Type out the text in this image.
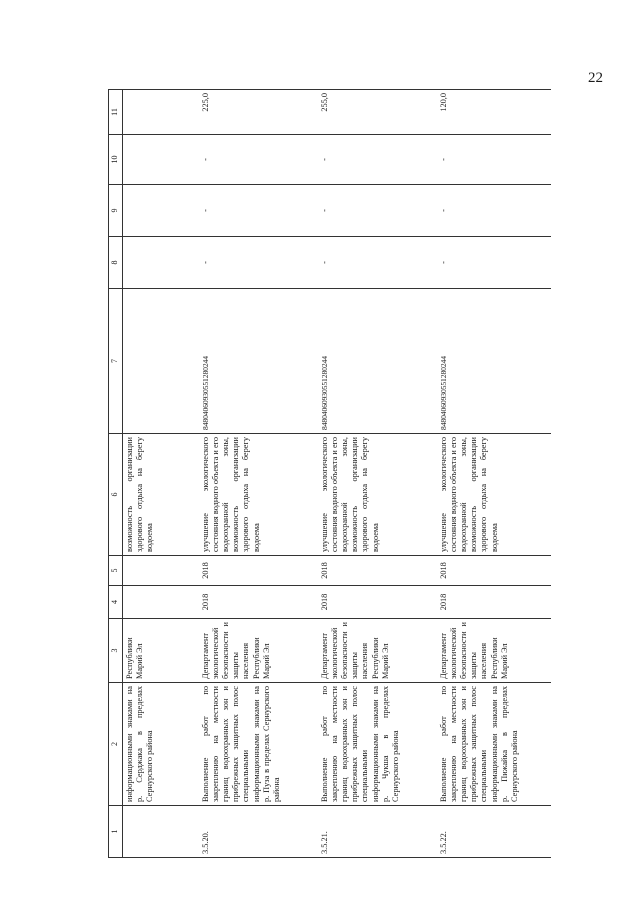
22
1	2	3	4	5	6	7	8	9	10	11
	информационными знаками на р. Серджака в пределах Сернурского района	Республики Марий Эл			возможность организации здорового отдыха на берегу водоема					
3.5.20.	Выполнение работ по закреплению на местности границ водоохранных зон и прибрежных защитных полос специальными информационными знаками на р. Пуза в пределах Сернурского района	Департамент экологической безопасности и защиты населения Республики Марий Эл	2018	2018	улучшение экологического состояния водного объекта и его водоохранной зоны, возможность организации здорового отдыха на берегу водоема	84804060930551280244	-	-	-	225,0
3.5.21.	Выполнение работ по закреплению на местности границ водоохранных зон и прибрежных защитных полос специальными информационными знаками на р. Чукша в пределах Сернурского района	Департамент экологической безопасности и защиты населения Республики Марий Эл	2018	2018	улучшение экологического состояния водного объекта и его водоохранной зоны, возможность организации здорового отдыха на берегу водоема	84804060930551280244	-	-	-	255,0
3.5.22.	Выполнение работ по закреплению на местности границ водоохранных зон и прибрежных защитных полос специальными информационными знаками на р. Пижайка в пределах Сернурского района	Департамент экологической безопасности и защиты населения Республики Марий Эл	2018	2018	улучшение экологического состояния водного объекта и его водоохранной зоны, возможность организации здорового отдыха на берегу водоема	84804060930551280244	-	-	-	120,0
